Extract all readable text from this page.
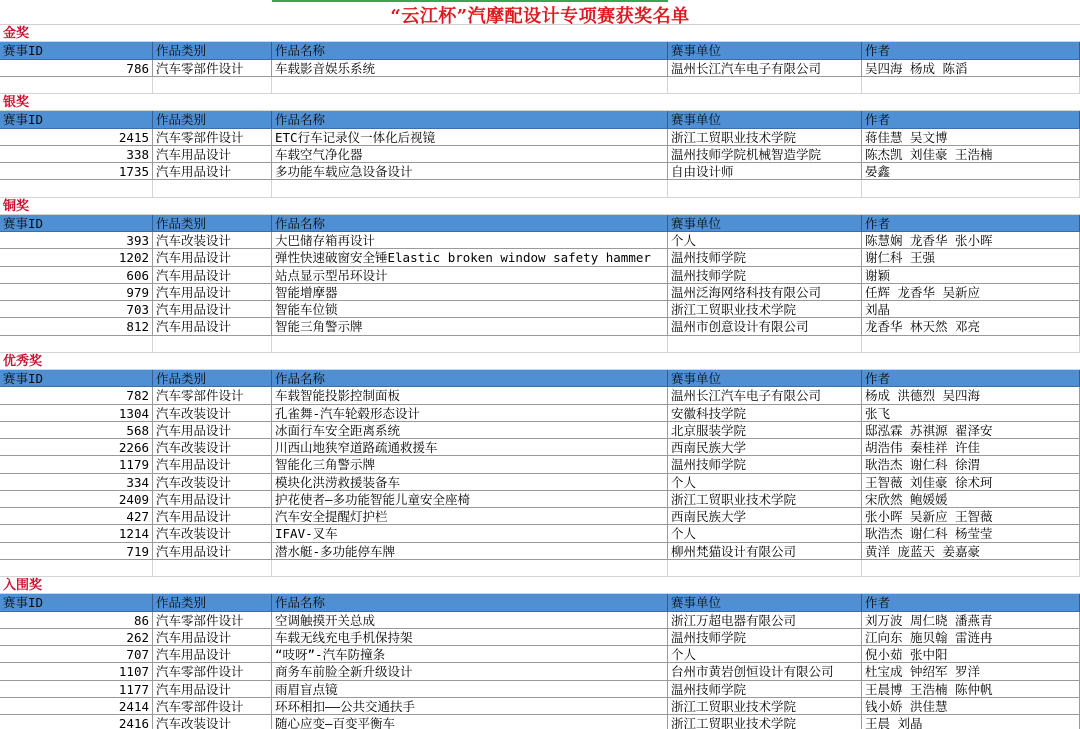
“云江杯”汽摩配设计专项赛获奖名单
金奖
赛事ID	作品类别	作品名称	赛事单位	作者
786 汽车零部件设计	车载影音娱乐系统	温州长江汽车电子有限公司	吴四海 杨成 陈滔
银奖
赛事ID	作品类别	作品名称	赛事单位	作者
2415 汽车零部件设计	ETC行车记录仪一体化后视镜	浙江工贸职业技术学院	蒋佳慧 吴文博
338 汽车用品设计	车载空气净化器	温州技师学院机械智造学院	陈杰凯 刘佳豪 王浩楠
1735 汽车用品设计	多功能车载应急设备设计	自由设计师	晏鑫
铜奖
赛事ID	作品类别	作品名称	赛事单位	作者
393 汽车改装设计	大巴储存箱再设计	个人	陈慧娴 龙香华 张小晖
1202 汽车用品设计	弹性快速破窗安全锤Elastic broken window safety hammer	温州技师学院	谢仁科 王强
606 汽车用品设计	站点显示型吊环设计	温州技师学院	谢颖
979 汽车用品设计	智能增摩器	温州泛海网络科技有限公司	任辉 龙香华 吴新应
703 汽车用品设计	智能车位锁	浙江工贸职业技术学院	刘晶
812 汽车用品设计	智能三角警示牌	温州市创意设计有限公司	龙香华 林天然 邓亮
优秀奖
赛事ID	作品类别	作品名称	赛事单位	作者
782 汽车零部件设计	车载智能投影控制面板	温州长江汽车电子有限公司	杨成 洪德烈 吴四海
1304 汽车改装设计	孔雀舞-汽车轮毂形态设计	安徽科技学院	张飞
568 汽车用品设计	冰面行车安全距离系统	北京服装学院	邸泓霖 苏祺源 翟泽安
2266 汽车改装设计	川西山地狭窄道路疏通救援车	西南民族大学	胡浩伟 秦桂祥 许佳
1179 汽车用品设计	智能化三角警示牌	温州技师学院	耿浩杰 谢仁科 徐渭
334 汽车改装设计	模块化洪涝救援装备车	个人	王智薇 刘佳豪 徐术珂
2409 汽车用品设计	护花使者—多功能智能儿童安全座椅	浙江工贸职业技术学院	宋欣然 鲍媛媛
427 汽车用品设计	汽车安全提醒灯护栏	西南民族大学	张小晖 吴新应 王智薇
1214 汽车改装设计	IFAV-叉车	个人	耿浩杰 谢仁科 杨莹莹
719 汽车用品设计	潜水艇-多功能停车牌	柳州梵猫设计有限公司	黄洋 庞蓝天 姜嘉豪
入围奖
赛事ID	作品类别	作品名称	赛事单位	作者
86 汽车零部件设计	空调触摸开关总成	浙江万超电器有限公司	刘万波 周仁晓 潘燕青
262 汽车用品设计	车载无线充电手机保持架	温州技师学院	江向东 施贝翰 雷涟冉
707 汽车用品设计	“吱呀”-汽车防撞条	个人	倪小茹 张中阳
1107 汽车零部件设计	商务车前脸全新升级设计	台州市黄岩创恒设计有限公司	杜宝成 钟绍军 罗洋
1177 汽车用品设计	雨眉盲点镜	温州技师学院	王晨博 王浩楠 陈仲帆
2414 汽车零部件设计	环环相扣——公共交通扶手	浙江工贸职业技术学院	钱小娇 洪佳慧
2416 汽车改装设计	随心应变—百变平衡车	浙江工贸职业技术学院	王晨 刘晶
